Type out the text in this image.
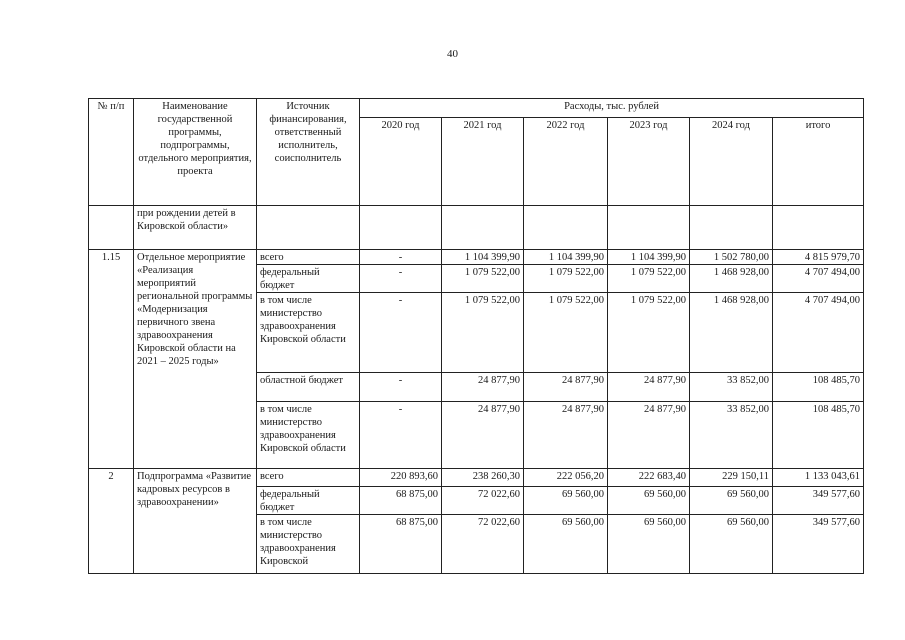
40
№ п/п	Наименование государственной программы, подпрограммы, отдельного мероприятия, проекта	Источник финансирования, ответственный исполнитель, соисполнитель	Расходы, тыс. рублей					
			2020 год	2021 год	2022 год	2023 год	2024 год	итого
	при рождении детей в Кировской области»							
1.15	Отдельное мероприятие «Реализация мероприятий региональной программы «Модернизация первичного звена здравоохранения Кировской области на 2021 – 2025 годы»	всего	-	1 104 399,90	1 104 399,90	1 104 399,90	1 502 780,00	4 815 979,70
		федеральный бюджет	-	1 079 522,00	1 079 522,00	1 079 522,00	1 468 928,00	4 707 494,00
		в том числе министерство здравоохранения Кировской области	-	1 079 522,00	1 079 522,00	1 079 522,00	1 468 928,00	4 707 494,00
		областной бюджет	-	24 877,90	24 877,90	24 877,90	33 852,00	108 485,70
		в том числе министерство здравоохранения Кировской области	-	24 877,90	24 877,90	24 877,90	33 852,00	108 485,70
2	Подпрограмма «Развитие кадровых ресурсов в здравоохранении»	всего	220 893,60	238 260,30	222 056,20	222 683,40	229 150,11	1 133 043,61
		федеральный бюджет	68 875,00	72 022,60	69 560,00	69 560,00	69 560,00	349 577,60
		в том числе министерство здравоохранения Кировской	68 875,00	72 022,60	69 560,00	69 560,00	69 560,00	349 577,60
